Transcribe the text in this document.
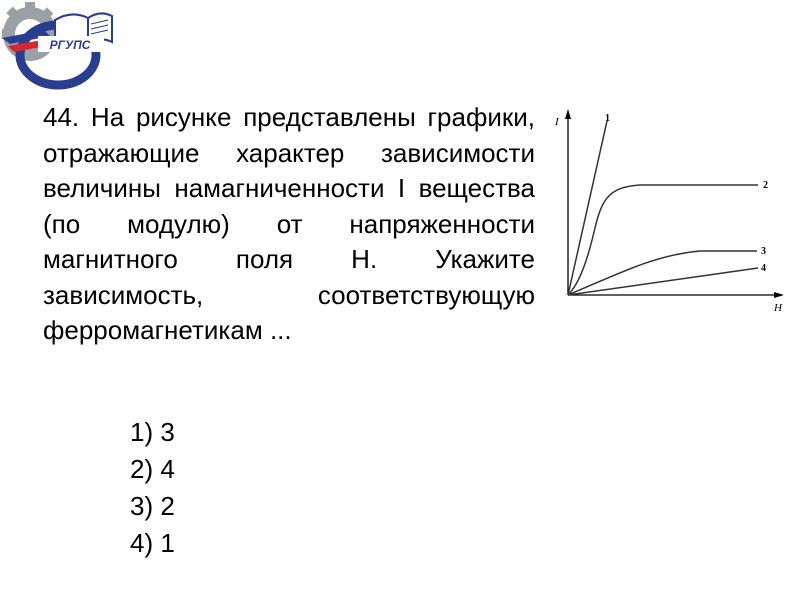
РГУПС
РОСТОВ-НА-ДОНУ
44. На рисунке представлены графики, отражающие характер зависимости величины намагниченности I вещества (по модулю) от напряженности магнитного поля H. Укажите зависимость, соответствующую ферромагнетикам ...
I
H
1
2
3
4
1) 3
2) 4
3) 2
4) 1
